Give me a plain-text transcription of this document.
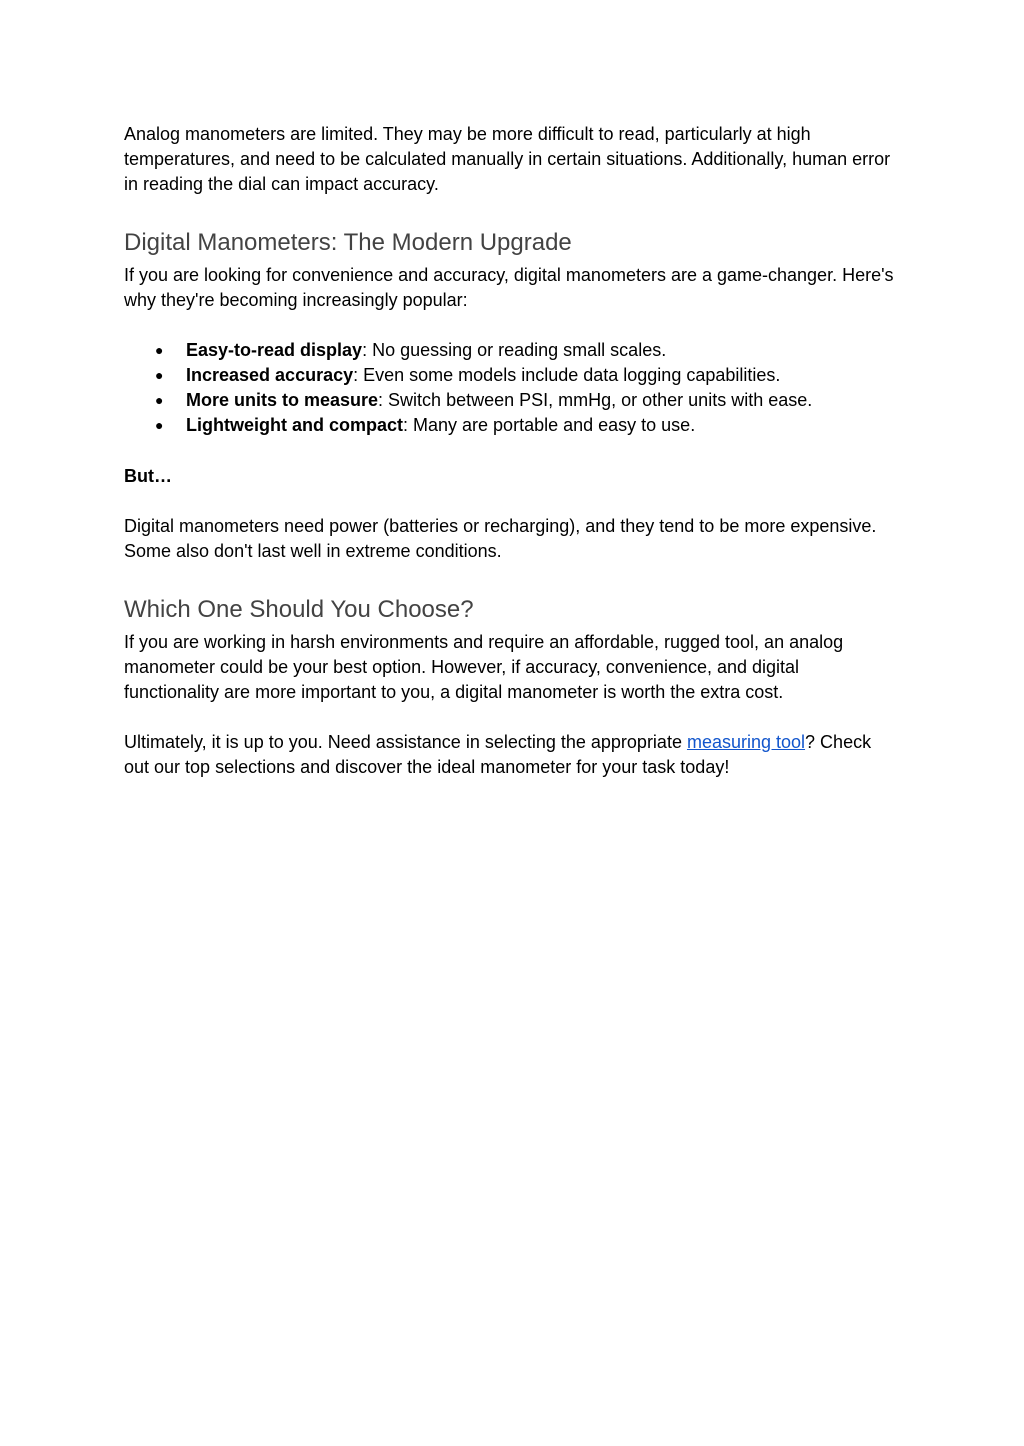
Analog manometers are limited. They may be more difficult to read, particularly at high temperatures, and need to be calculated manually in certain situations. Additionally, human error in reading the dial can impact accuracy.

Digital Manometers: The Modern Upgrade

If you are looking for convenience and accuracy, digital manometers are a game-changer. Here's why they're becoming increasingly popular:

● Easy-to-read display: No guessing or reading small scales.
● Increased accuracy: Even some models include data logging capabilities.
● More units to measure: Switch between PSI, mmHg, or other units with ease.
● Lightweight and compact: Many are portable and easy to use.

But…

Digital manometers need power (batteries or recharging), and they tend to be more expensive. Some also don't last well in extreme conditions.

Which One Should You Choose?

If you are working in harsh environments and require an affordable, rugged tool, an analog manometer could be your best option. However, if accuracy, convenience, and digital functionality are more important to you, a digital manometer is worth the extra cost.

Ultimately, it is up to you. Need assistance in selecting the appropriate measuring tool? Check out our top selections and discover the ideal manometer for your task today!
